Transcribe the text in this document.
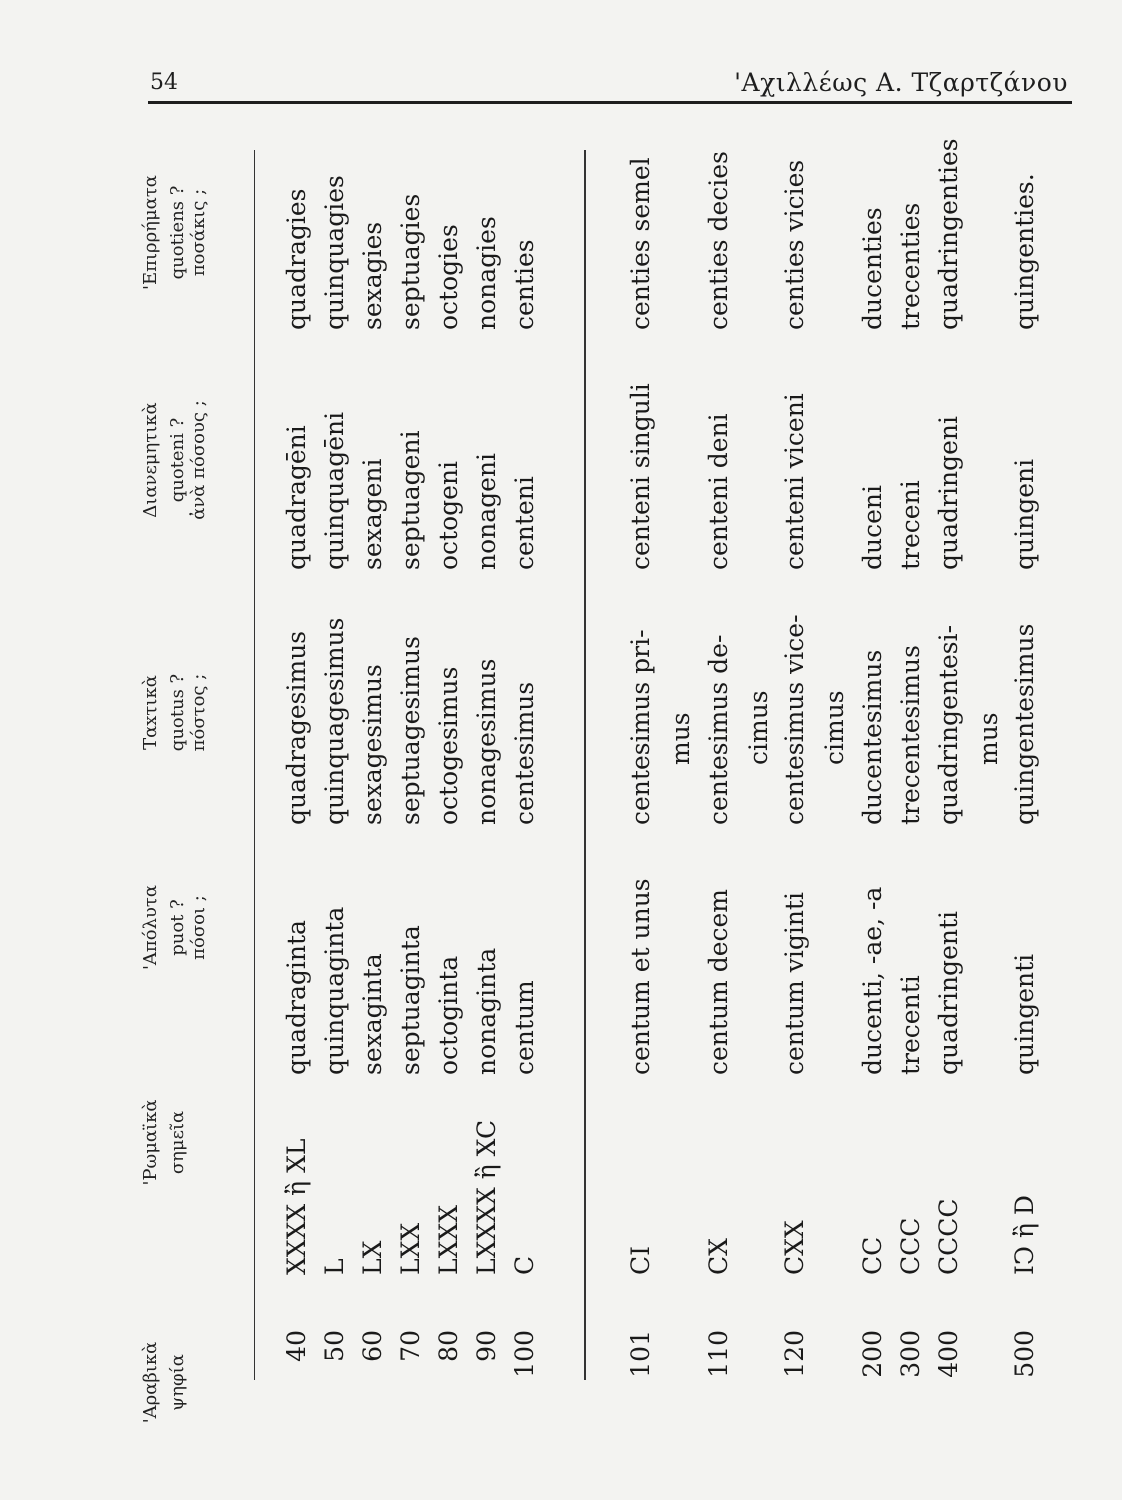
54	'Αχιλλέως Α. Τζαρτζάνου
'Αραβικὰ ψηφία
'Ρωμαϊκὰ σημεῖα
'Απόλυτα puot ? πόσοι ;
Ταxτικὰ quotus ? πόστος ;
Διανεμητικὰ quoteni ? ἀνὰ πόσους ;
'Επιρρήματα quotiens ? ποσάκις ;
40
XXXX ἢ XL
quadraginta
quadragesimus
quadragēni
quadragies
50
L
quinquaginta
quinquagesimus
quinquagēni
quinquagies
60
LX
sexaginta
sexagesimus
sexageni
sexagies
70
LXX
septuaginta
septuagesimus
septuageni
septuagies
80
LXXX
octoginta
octogesimus
octogeni
octogies
90
LXXXX ἢ XC
nonaginta
nonagesimus
nonageni
nonagies
100
C
centum
centesimus
centeni
centies
101
CI
centum et unus
centesimus pri-
centeni singuli
centies semel
mus
110
CX
centum decem
centesimus de-
centeni deni
centies decies
cimus
120
CXX
centum viginti
centesimus vice-
centeni viceni
centies vicies
cimus
200
CC
ducenti, -ae, -a
ducentesimus
duceni
ducenties
300
CCC
trecenti
trecentesimus
treceni
trecenties
400
CCCC
quadringenti
quadringentesi-
quadringeni
quadringenties
mus
500
IↃ ἢ D
quingenti
quingentesimus
quingeni
quingenties.
